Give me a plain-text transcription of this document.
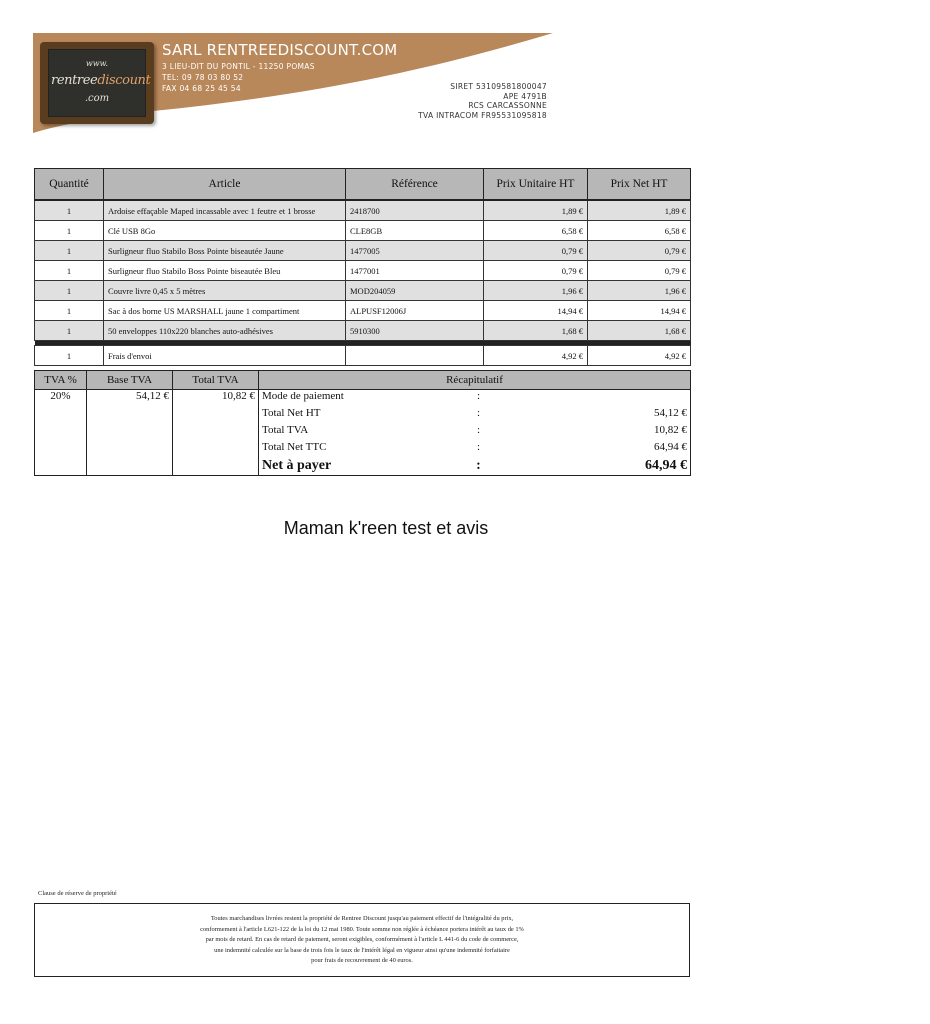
www.
rentreediscount
.com
SARL RENTREEDISCOUNT.COM
3 LIEU-DIT DU PONTIL - 11250 POMAS
TEL: 09 78 03 80 52
FAX 04 68 25 45 54	SIRET 53109581800047
APE 4791B
RCS CARCASSONNE
TVA INTRACOM FR95531095818
Quantité	Article	Référence	Prix Unitaire HT	Prix Net HT
1	Ardoise effaçable Maped incassable avec 1 feutre et 1 brosse	2418700	1,89 €	1,89 €
1	Clé USB 8Go	CLE8GB	6,58 €	6,58 €
1	Surligneur fluo Stabilo Boss Pointe biseautée Jaune	1477005	0,79 €	0,79 €
1	Surligneur fluo Stabilo Boss Pointe biseautée Bleu	1477001	0,79 €	0,79 €
1	Couvre livre 0,45 x 5 mètres	MOD204059	1,96 €	1,96 €
1	Sac à dos borne US MARSHALL jaune 1 compartiment	ALPUSF12006J	14,94 €	14,94 €
1	50 enveloppes 110x220 blanches auto-adhésives	5910300	1,68 €	1,68 €

1	Frais d'envoi		4,92 €	4,92 €
TVA %	Base TVA	Total TVA	Récapitulatif		
20%	54,12 €	10,82 €	Mode de paiement	:	
			Total Net HT	:	54,12 €
			Total TVA	:	10,82 €
			Total Net TTC	:	64,94 €
			Net à payer	:	64,94 €
Maman k'reen test et avis
Clause de réserve de propriété
Toutes marchandises livrées restent la propriété de Rentree Discount jusqu'au paiement effectif de l'intégralité du prix,
conformement à l'article L621-122 de la loi du 12 mai 1980. Toute somme non réglée à échéance portera intérêt au taux de 1%
par mois de retard. En cas de retard de paiement, seront exigibles, conformément à l'article L 441-6 du code de commerce,
une indemnité calculée sur la base de trois fois le taux de l'intérêt légal en vigueur ainsi qu'une indemnité forfaitaire
pour frais de recouvrement de 40 euros.
